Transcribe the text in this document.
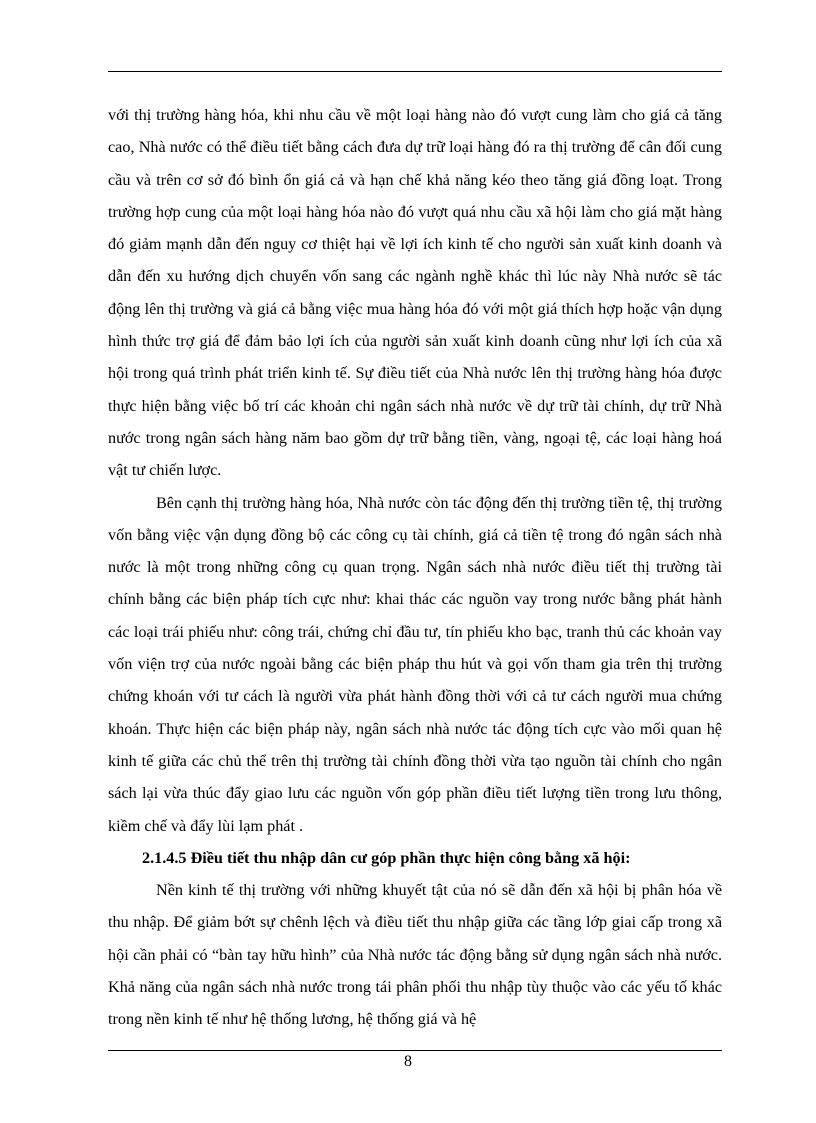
với thị trường hàng hóa, khi nhu cầu về một loại hàng nào đó vượt cung làm cho giá cả tăng cao, Nhà nước có thể điều tiết bằng cách đưa dự trữ loại hàng đó ra thị trường để cân đối cung cầu và trên cơ sở đó bình ổn giá cả và hạn chế khả năng kéo theo tăng giá đồng loạt. Trong trường hợp cung của một loại hàng hóa nào đó vượt quá nhu cầu xã hội làm cho giá mặt hàng đó giảm mạnh dẫn đến nguy cơ thiệt hại về lợi ích kinh tế cho người sản xuất kinh doanh và dẫn đến xu hướng dịch chuyển vốn sang các ngành nghề khác thì lúc này Nhà nước sẽ tác động lên thị trường và giá cả bằng việc mua hàng hóa đó với một giá thích hợp hoặc vận dụng hình thức trợ giá để đảm bảo lợi ích của người sản xuất kinh doanh cũng như lợi ích của xã hội trong quá trình phát triển kinh tế. Sự điều tiết của Nhà nước lên thị trường hàng hóa được thực hiện bằng việc bố trí các khoản chi ngân sách nhà nước về dự trữ tài chính, dự trữ Nhà nước trong ngân sách hàng năm bao gồm dự trữ bằng tiền, vàng, ngoại tệ, các loại hàng hoá vật tư chiến lược.

Bên cạnh thị trường hàng hóa, Nhà nước còn tác động đến thị trường tiền tệ, thị trường vốn bằng việc vận dụng đồng bộ các công cụ tài chính, giá cả tiền tệ trong đó ngân sách nhà nước là một trong những công cụ quan trọng. Ngân sách nhà nước điều tiết thị trường tài chính bằng các biện pháp tích cực như: khai thác các nguồn vay trong nước bằng phát hành các loại trái phiếu như: công trái, chứng chỉ đầu tư, tín phiếu kho bạc, tranh thủ các khoản vay vốn viện trợ của nước ngoài bằng các biện pháp thu hút và gọi vốn tham gia trên thị trường chứng khoán với tư cách là người vừa phát hành đồng thời với cả tư cách người mua chứng khoán. Thực hiện các biện pháp này, ngân sách nhà nước tác động tích cực vào mối quan hệ kinh tế giữa các chủ thể trên thị trường tài chính đồng thời vừa tạo nguồn tài chính cho ngân sách lại vừa thúc đẩy giao lưu các nguồn vốn góp phần điều tiết lượng tiền trong lưu thông, kiềm chế và đẩy lùi lạm phát .

2.1.4.5 Điều tiết thu nhập dân cư góp phần thực hiện công bằng xã hội:

Nền kinh tế thị trường với những khuyết tật của nó sẽ dẫn đến xã hội bị phân hóa về thu nhập. Để giảm bớt sự chênh lệch và điều tiết thu nhập giữa các tầng lớp giai cấp trong xã hội cần phải có “bàn tay hữu hình” của Nhà nước tác động bằng sử dụng ngân sách nhà nước. Khả năng của ngân sách nhà nước trong tái phân phối thu nhập tùy thuộc vào các yếu tố khác trong nền kinh tế như hệ thống lương, hệ thống giá và hệ

8
